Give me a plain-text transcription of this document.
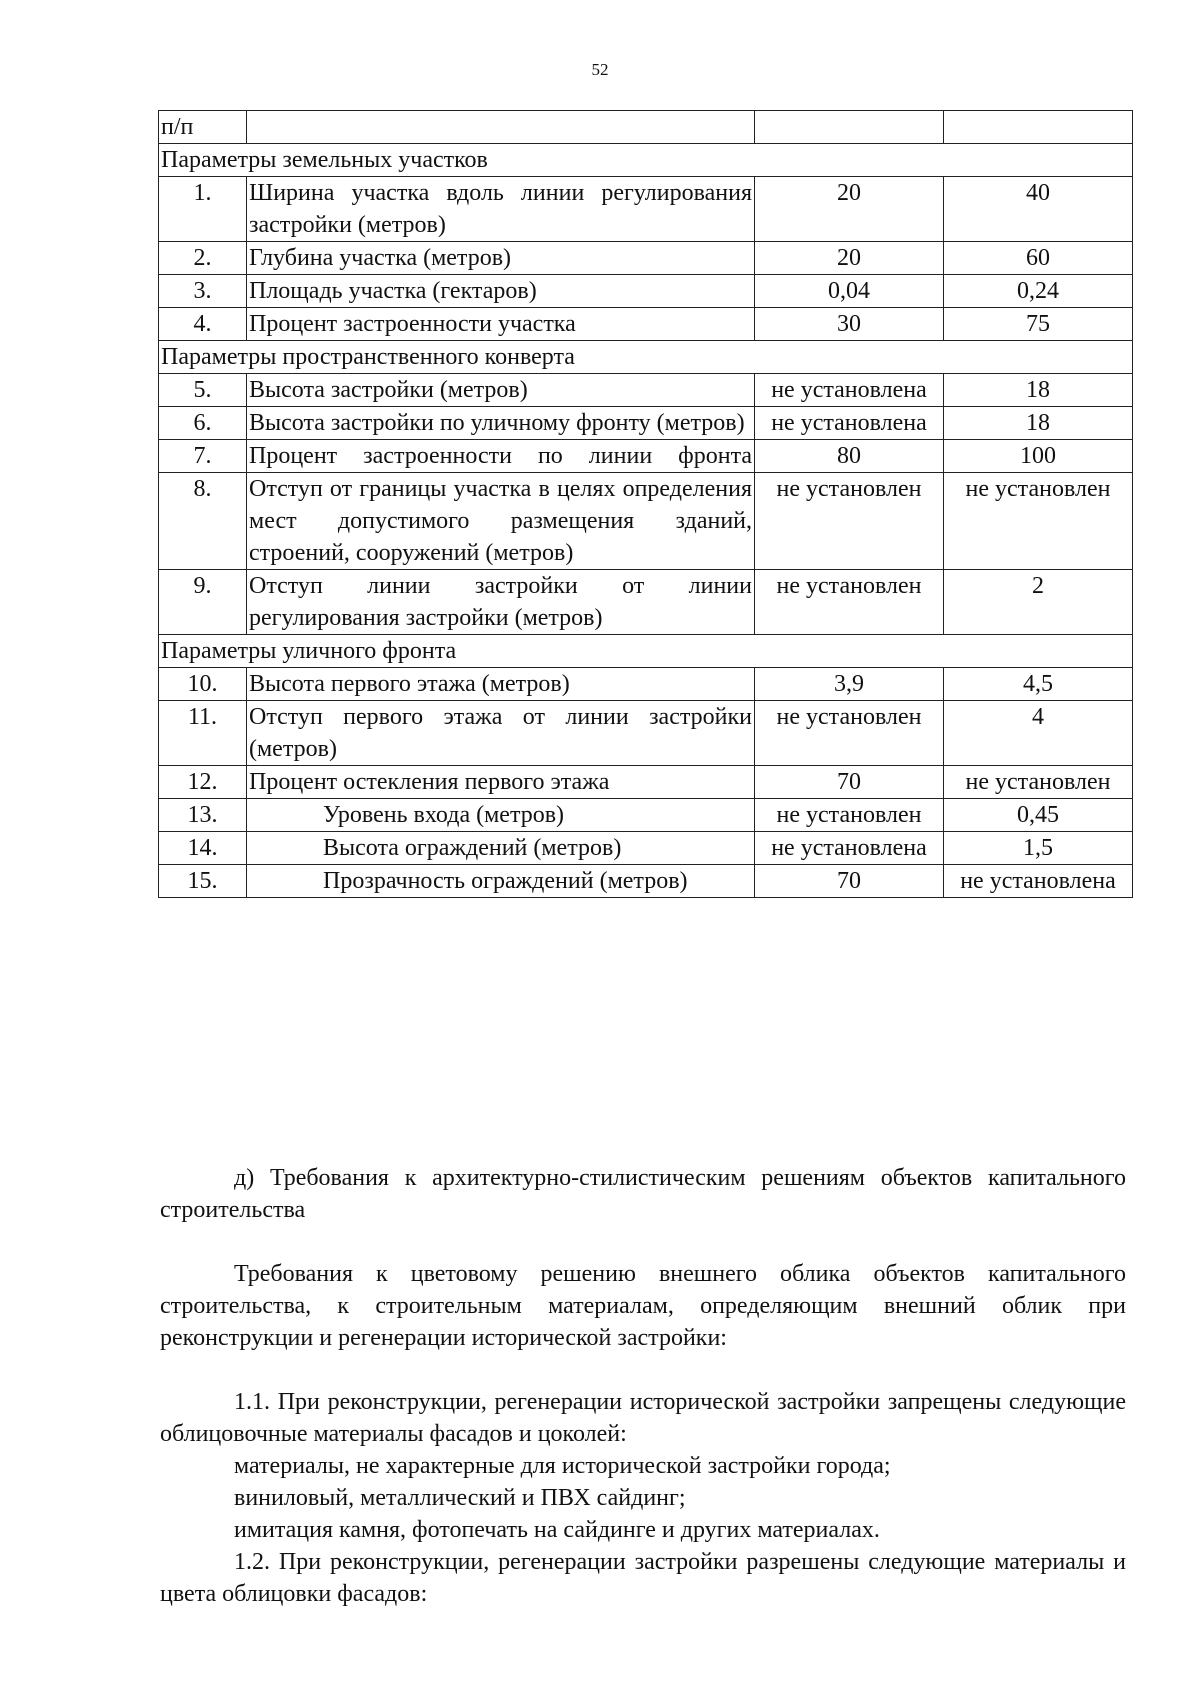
52
п/п			
Параметры земельных участков			
1.	Ширина участка вдоль линии регулирования застройки (метров)	20	40
2.	Глубина участка (метров)	20	60
3.	Площадь участка (гектаров)	0,04	0,24
4.	Процент застроенности участка	30	75
Параметры пространственного конверта			
5.	Высота застройки (метров)	не установлена	18
6.	Высота застройки по уличному фронту (метров)	не установлена	18
7.	Процент застроенности по линии фронта	80	100
8.	Отступ от границы участка в целях определения мест допустимого размещения зданий, строений, сооружений (метров)	не установлен	не установлен
9.	Отступ линии застройки от линии регулирования застройки (метров)	не установлен	2
Параметры уличного фронта			
10.	Высота первого этажа (метров)	3,9	4,5
11.	Отступ первого этажа от линии застройки (метров)	не установлен	4
12.	Процент остекления первого этажа	70	не установлен
13.	Уровень входа (метров)	не установлен	0,45
14.	Высота ограждений (метров)	не установлена	1,5
15.	Прозрачность ограждений (метров)	70	не установлена
д) Требования к архитектурно-стилистическим решениям объектов капитального строительства
Требования к цветовому решению внешнего облика объектов капитального строительства, к строительным материалам, определяющим внешний облик при реконструкции и регенерации исторической застройки:
1.1. При реконструкции, регенерации исторической застройки запрещены следующие облицовочные материалы фасадов и цоколей:
материалы, не характерные для исторической застройки города;
виниловый, металлический и ПВХ сайдинг;
имитация камня, фотопечать на сайдинге и других материалах.
1.2. При реконструкции, регенерации застройки разрешены следующие материалы и цвета облицовки фасадов:
